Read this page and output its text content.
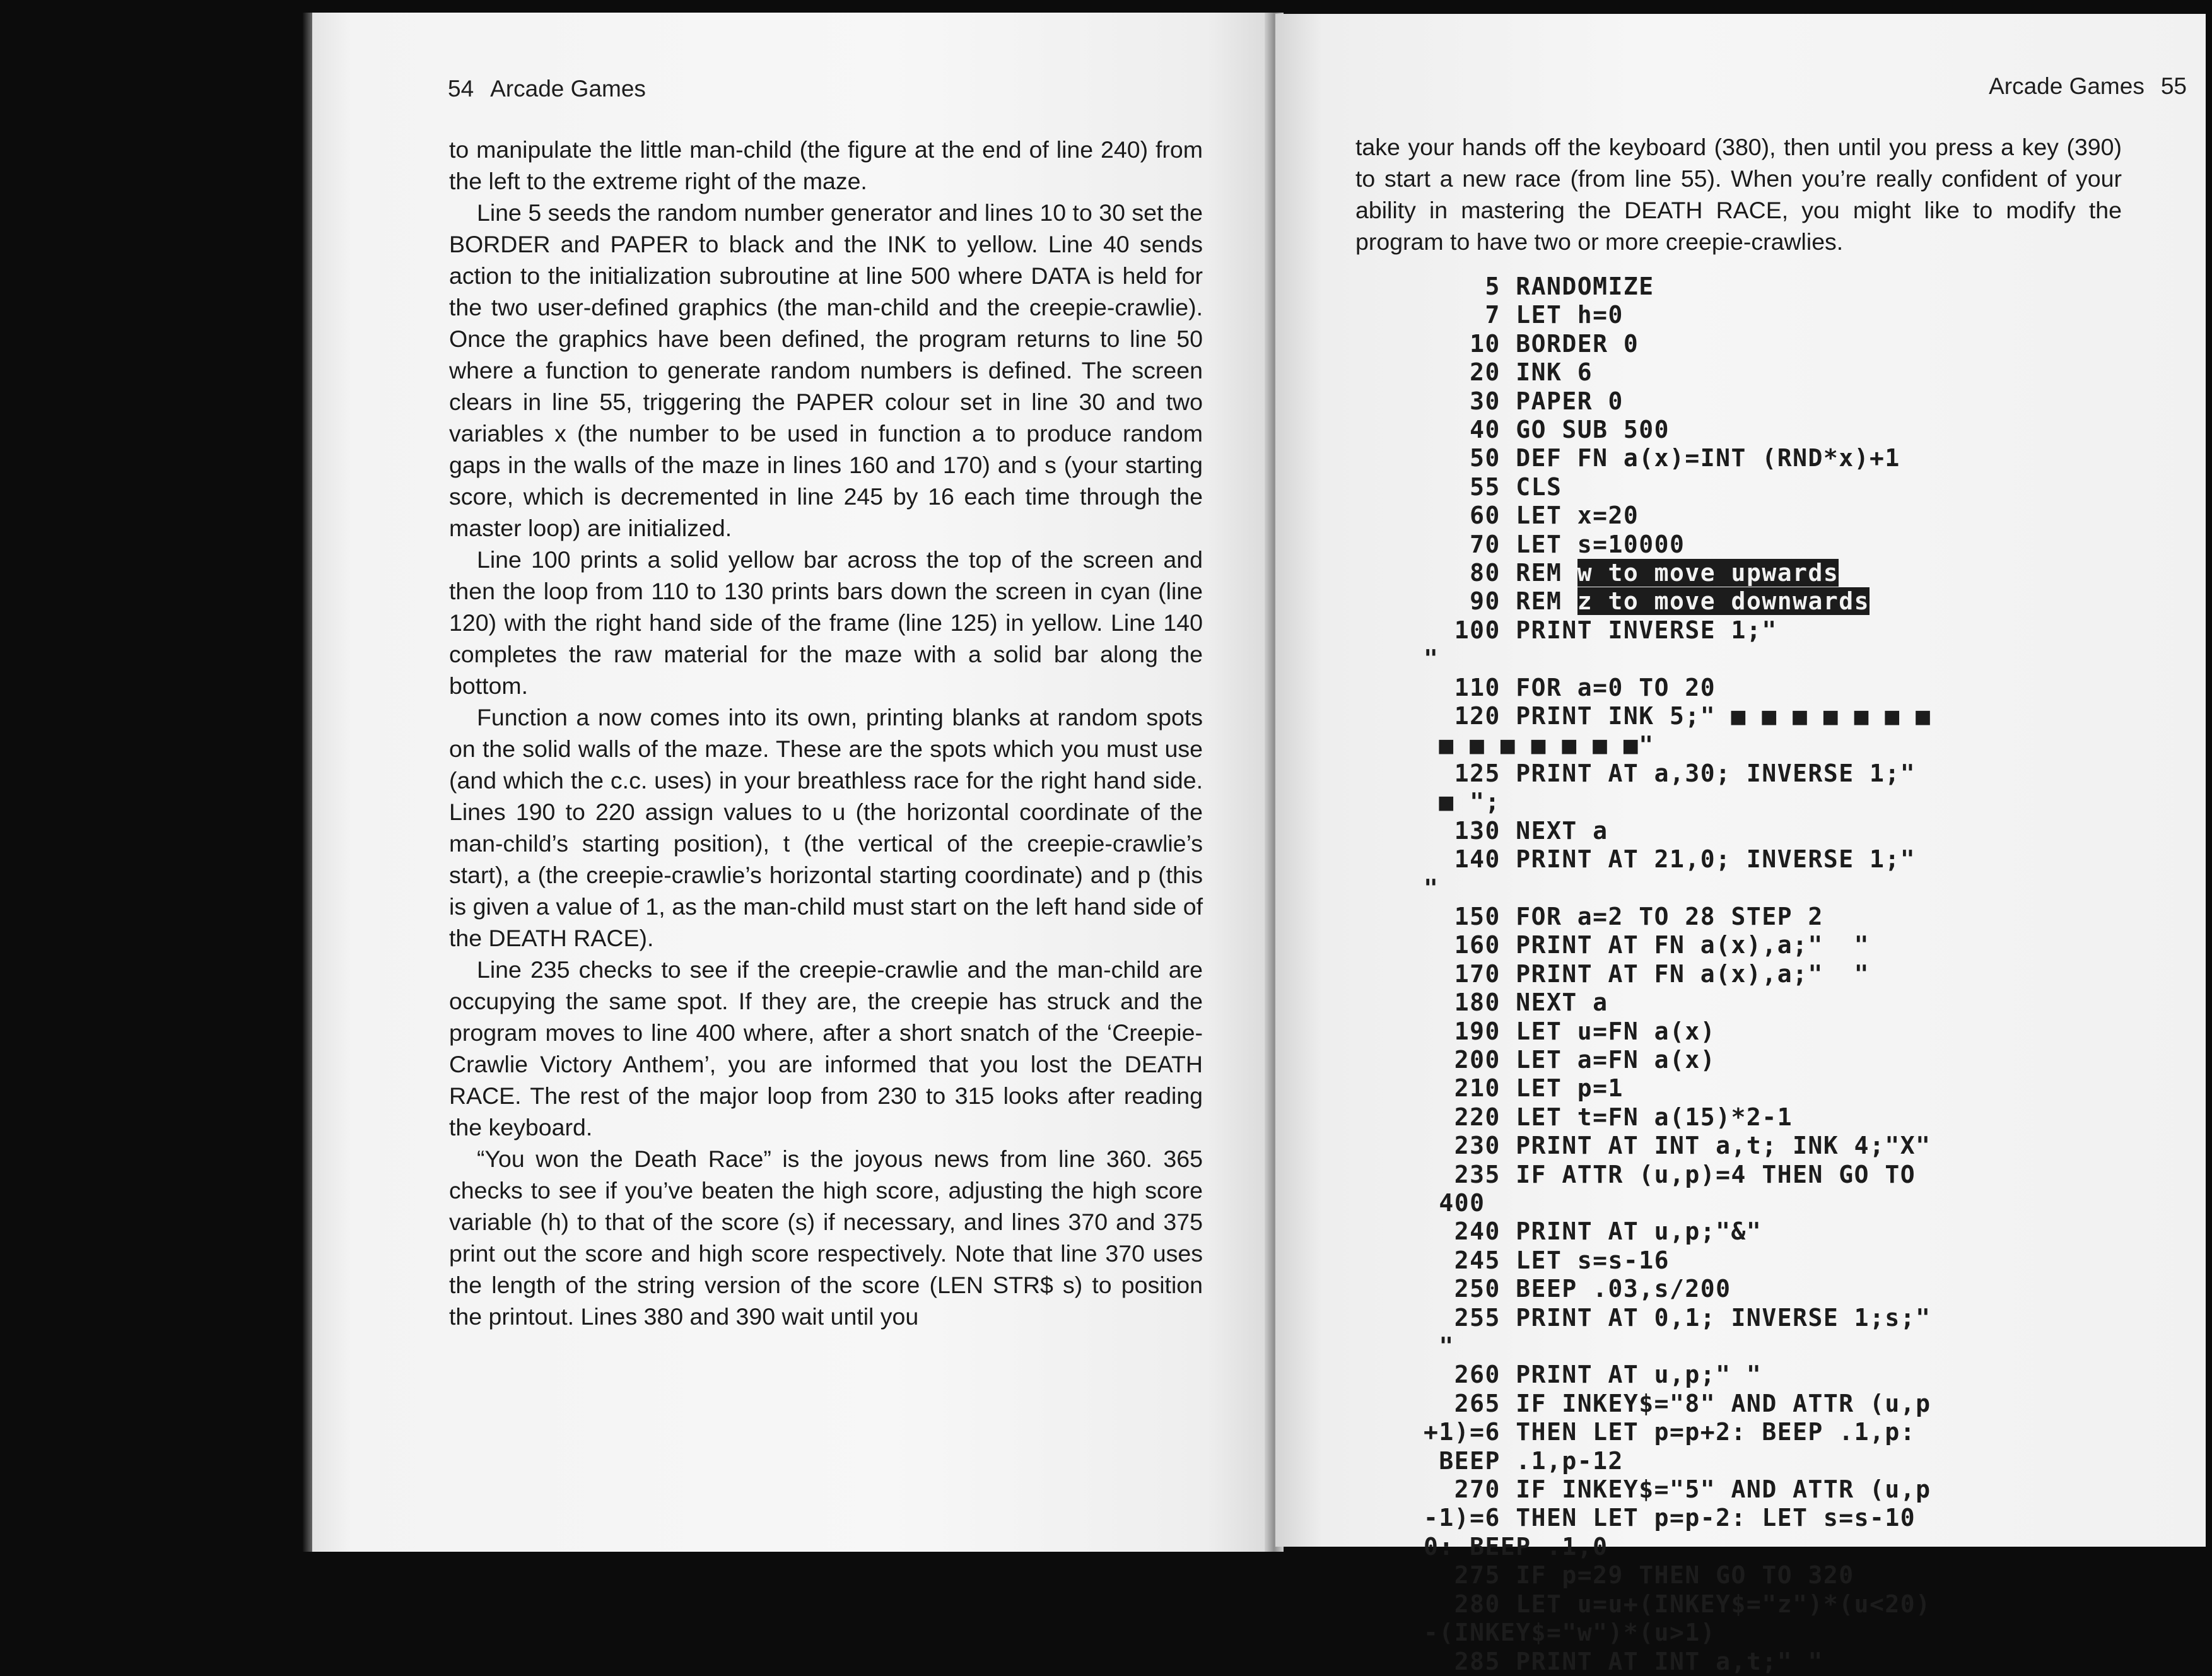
54 Arcade Games

to manipulate the little man-child (the figure at the end of line 240) from the left to the extreme right of the maze.

Line 5 seeds the random number generator and lines 10 to 30 set the BORDER and PAPER to black and the INK to yellow. Line 40 sends action to the initialization subroutine at line 500 where DATA is held for the two user-defined graphics (the man-child and the creepie-crawlie). Once the graphics have been defined, the program returns to line 50 where a function to generate random numbers is defined. The screen clears in line 55, triggering the PAPER colour set in line 30 and two variables x (the number to be used in function a to produce random gaps in the walls of the maze in lines 160 and 170) and s (your starting score, which is decremented in line 245 by 16 each time through the master loop) are initialized.

Line 100 prints a solid yellow bar across the top of the screen and then the loop from 110 to 130 prints bars down the screen in cyan (line 120) with the right hand side of the frame (line 125) in yellow. Line 140 completes the raw material for the maze with a solid bar along the bottom.

Function a now comes into its own, printing blanks at random spots on the solid walls of the maze. These are the spots which you must use (and which the c.c. uses) in your breathless race for the right hand side. Lines 190 to 220 assign values to u (the horizontal coordinate of the man-child’s starting position), t (the vertical of the creepie-crawlie’s start), a (the creepie-crawlie’s horizontal starting coordinate) and p (this is given a value of 1, as the man-child must start on the left hand side of the DEATH RACE).

Line 235 checks to see if the creepie-crawlie and the man-child are occupying the same spot. If they are, the creepie has struck and the program moves to line 400 where, after a short snatch of the ‘Creepie-Crawlie Victory Anthem’, you are informed that you lost the DEATH RACE. The rest of the major loop from 230 to 315 looks after reading the keyboard.

“You won the Death Race” is the joyous news from line 360. 365 checks to see if you’ve beaten the high score, adjusting the high score variable (h) to that of the score (s) if necessary, and lines 370 and 375 print out the score and high score respectively. Note that line 370 uses the length of the string version of the score (LEN STR$ s) to position the printout. Lines 380 and 390 wait until you

Arcade Games 55

take your hands off the keyboard (380), then until you press a key (390) to start a new race (from line 55). When you’re really confident of your ability in mastering the DEATH RACE, you might like to modify the program to have two or more creepie-crawlies.

5 RANDOMIZE
7 LET h=0
10 BORDER 0
20 INK 6
30 PAPER 0
40 GO SUB 500
50 DEF FN a(x)=INT (RND*x)+1
55 CLS
60 LET x=20
70 LET s=10000
80 REM w to move upwards
90 REM z to move downwards
100 PRINT INVERSE 1;"
"
110 FOR a=0 TO 20
120 PRINT INK 5;" ■ ■ ■ ■ ■ ■ ■
■ ■ ■ ■ ■ ■ ■"
125 PRINT AT a,30; INVERSE 1;"
■ ";
130 NEXT a
140 PRINT AT 21,0; INVERSE 1;"
"
150 FOR a=2 TO 28 STEP 2
160 PRINT AT FN a(x),a;"  "
170 PRINT AT FN a(x),a;"  "
180 NEXT a
190 LET u=FN a(x)
200 LET a=FN a(x)
210 LET p=1
220 LET t=FN a(15)*2-1
230 PRINT AT INT a,t; INK 4;"X"
235 IF ATTR (u,p)=4 THEN GO TO
400
240 PRINT AT u,p;"&"
245 LET s=s-16
250 BEEP .03,s/200
255 PRINT AT 0,1; INVERSE 1;s;"
"
260 PRINT AT u,p;" "
265 IF INKEY$="8" AND ATTR (u,p
+1)=6 THEN LET p=p+2: BEEP .1,p:
BEEP .1,p-12
270 IF INKEY$="5" AND ATTR (u,p
-1)=6 THEN LET p=p-2: LET s=s-10
0: BEEP .1,0
275 IF p=29 THEN GO TO 320
280 LET u=u+(INKEY$="z")*(u<20)
-(INKEY$="w")*(u>1)
285 PRINT AT INT a,t;" "
